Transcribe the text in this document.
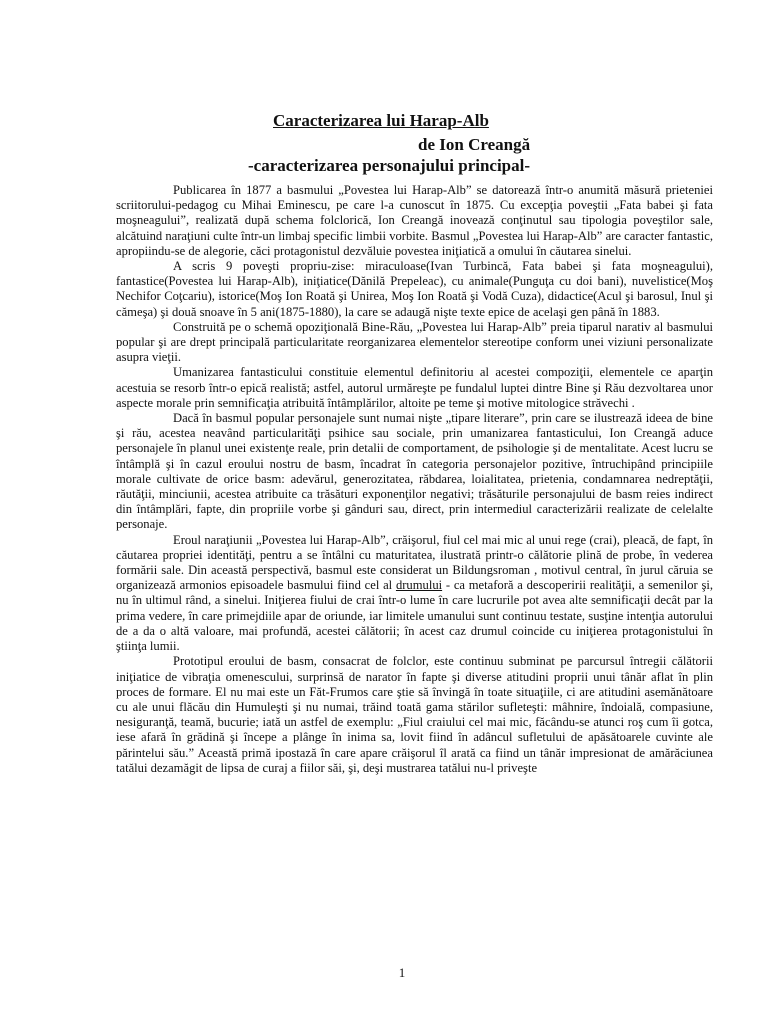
Caracterizarea lui Harap-Alb
de Ion Creangă
-caracterizarea personajului principal-

Publicarea în 1877 a basmului „Povestea lui Harap-Alb” se datorează într-o anumită măsură prieteniei scriitorului-pedagog cu Mihai Eminescu, pe care l-a cunoscut în 1875. Cu excepţia poveştii „Fata babei şi fata moşneagului”, realizată după schema folclorică, Ion Creangă inovează conţinutul sau tipologia poveştilor sale, alcătuind naraţiuni culte într-un limbaj specific limbii vorbite. Basmul „Povestea lui Harap-Alb” are caracter fantastic, apropiindu-se de alegorie, căci protagonistul dezvăluie povestea iniţiatică a omului în căutarea sinelui.

A scris 9 poveşti propriu-zise: miraculoase(Ivan Turbincă, Fata babei şi fata moşneagului), fantastice(Povestea lui Harap-Alb), iniţiatice(Dănilă Prepeleac), cu animale(Punguţa cu doi bani), nuvelistice(Moş Nechifor Coţcariu), istorice(Moş Ion Roată şi Unirea, Moş Ion Roată şi Vodă Cuza), didactice(Acul şi barosul, Inul şi cămeşa) şi două snoave în 5 ani(1875-1880), la care se adaugă nişte texte epice de acelaşi gen până în 1883.

Construită pe o schemă opoziţională Bine-Rău, „Povestea lui Harap-Alb” preia tiparul narativ al basmului popular şi are drept principală particularitate reorganizarea elementelor stereotipe conform unei viziuni personalizate asupra vieţii.

Umanizarea fantasticului constituie elementul definitoriu al acestei compoziţii, elementele ce aparţin acestuia se resorb într-o epică realistă; astfel, autorul urmăreşte pe fundalul luptei dintre Bine şi Rău dezvoltarea unor aspecte morale prin semnificaţia atribuită întâmplărilor, altoite pe teme şi motive mitologice străvechi .

Dacă în basmul popular personajele sunt numai nişte „tipare literare”, prin care se ilustrează ideea de bine şi rău, acestea neavând particularităţi psihice sau sociale, prin umanizarea fantasticului, Ion Creangă aduce personajele în planul unei existenţe reale, prin detalii de comportament, de psihologie şi de mentalitate. Acest lucru se întâmplă şi în cazul eroului nostru de basm, încadrat în categoria personajelor pozitive, întruchipând principiile morale cultivate de orice basm: adevărul, generozitatea, răbdarea, loialitatea, prietenia, condamnarea nedreptăţii, răutăţii, minciunii, acestea atribuite ca trăsături exponenţilor negativi; trăsăturile personajului de basm reies indirect din întâmplări, fapte, din propriile vorbe şi gânduri sau, direct, prin intermediul caracterizării realizate de celelalte personaje.

Eroul naraţiunii „Povestea lui Harap-Alb”, crăişorul, fiul cel mai mic al unui rege (crai), pleacă, de fapt, în căutarea propriei identităţi, pentru a se întâlni cu maturitatea, ilustrată printr-o călătorie plină de probe, în vederea formării sale. Din această perspectivă, basmul este considerat un Bildungsroman , motivul central, în jurul căruia se organizează armonios episoadele basmului fiind cel al drumului - ca metaforă a descoperirii realităţii, a semenilor şi, nu în ultimul rând, a sinelui. Iniţierea fiului de crai într-o lume în care lucrurile pot avea alte semnificaţii decât par la prima vedere, în care primejdiile apar de oriunde, iar limitele umanului sunt continuu testate, susţine intenţia autorului de a da o altă valoare, mai profundă, acestei călătorii; în acest caz drumul coincide cu iniţierea protagonistului în ştiinţa lumii.

Prototipul eroului de basm, consacrat de folclor, este continuu subminat pe parcursul întregii călătorii iniţiatice de vibraţia omenescului, surprinsă de narator în fapte şi diverse atitudini proprii unui tânăr aflat în plin proces de formare. El nu mai este un Făt-Frumos care ştie să învingă în toate situaţiile, ci are atitudini asemănătoare cu ale unui flăcău din Humuleşti şi nu numai, trăind toată gama stărilor sufleteşti: mâhnire, îndoială, compasiune, nesiguranţă, teamă, bucurie; iată un astfel de exemplu: „Fiul craiului cel mai mic, făcându-se atunci roş cum îi gotca, iese afară în grădină şi începe a plânge în inima sa, lovit fiind în adâncul sufletului de apăsătoarele cuvinte ale părintelui său.” Această primă ipostază în care apare crăişorul îl arată ca fiind un tânăr impresionat de amărăciunea tatălui dezamăgit de lipsa de curaj a fiilor săi, şi, deşi mustrarea tatălui nu-l priveşte

1
